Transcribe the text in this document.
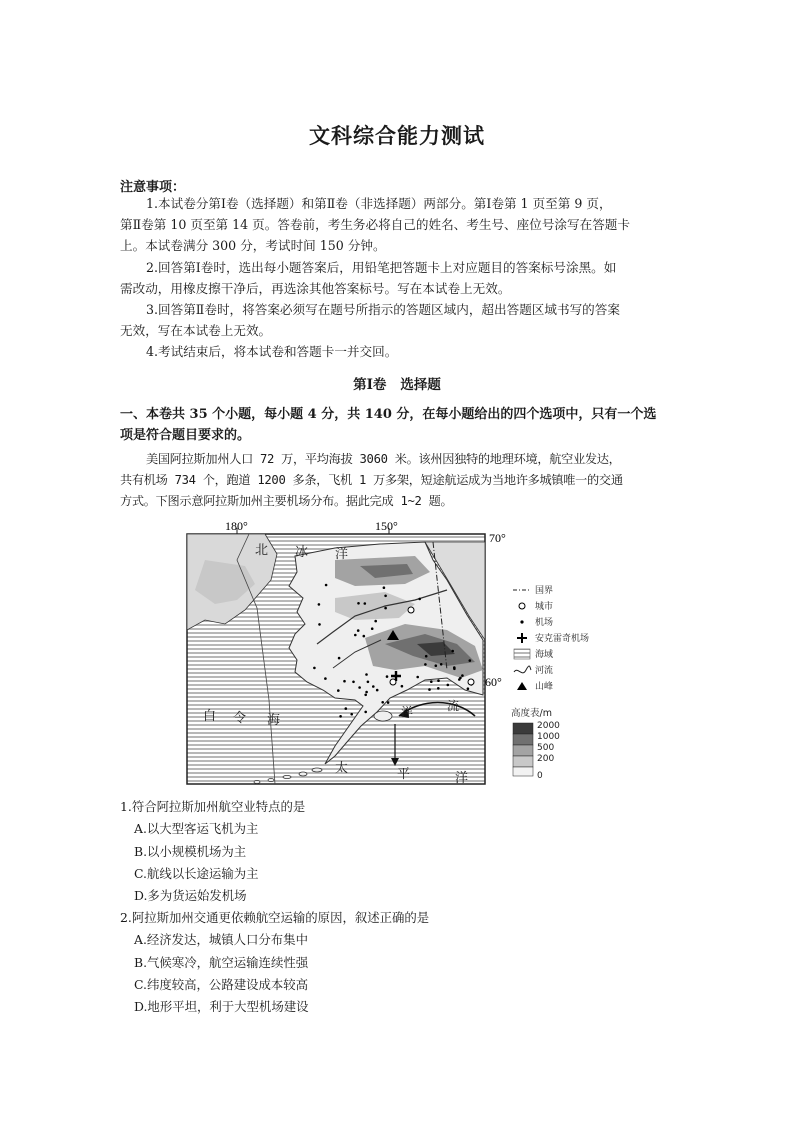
文科综合能力测试
注意事项：
1.本试卷分第Ⅰ卷（选择题）和第Ⅱ卷（非选择题）两部分。第Ⅰ卷第 1 页至第 9 页，
第Ⅱ卷第 10 页至第 14 页。答卷前，考生务必将自己的姓名、考生号、座位号涂写在答题卡
上。本试卷满分 300 分，考试时间 150 分钟。
2.回答第Ⅰ卷时，选出每小题答案后，用铅笔把答题卡上对应题目的答案标号涂黑。如
需改动，用橡皮擦干净后，再选涂其他答案标号。写在本试卷上无效。
3.回答第Ⅱ卷时，将答案必须写在题号所指示的答题区域内，超出答题区域书写的答案
无效，写在本试卷上无效。
4.考试结束后，将本试卷和答题卡一并交回。
第Ⅰ卷 选择题
一、本卷共 35 个小题，每小题 4 分，共 140 分，在每小题给出的四个选项中，只有一个选
项是符合题目要求的。
美国阿拉斯加州人口 72 万，平均海拔 3060 米。该州因独特的地理环境，航空业发达，
共有机场 734 个，跑道 1200 多条，飞机 1 万多架，短途航运成为当地许多城镇唯一的交通
方式。下图示意阿拉斯加州主要机场分布。据此完成 1~2 题。
180°	150°
70°
60°
北 冰 洋
白 令 海
太	平	洋
洋	流
国界
城市
机场
安克雷奇机场
海域
河流
山峰
高度表/m
2000
1000
500
200
0
1.符合阿拉斯加州航空业特点的是
A.以大型客运飞机为主
B.以小规模机场为主
C.航线以长途运输为主
D.多为货运始发机场
2.阿拉斯加州交通更依赖航空运输的原因，叙述正确的是
A.经济发达，城镇人口分布集中
B.气候寒冷，航空运输连续性强
C.纬度较高，公路建设成本较高
D.地形平坦，利于大型机场建设
